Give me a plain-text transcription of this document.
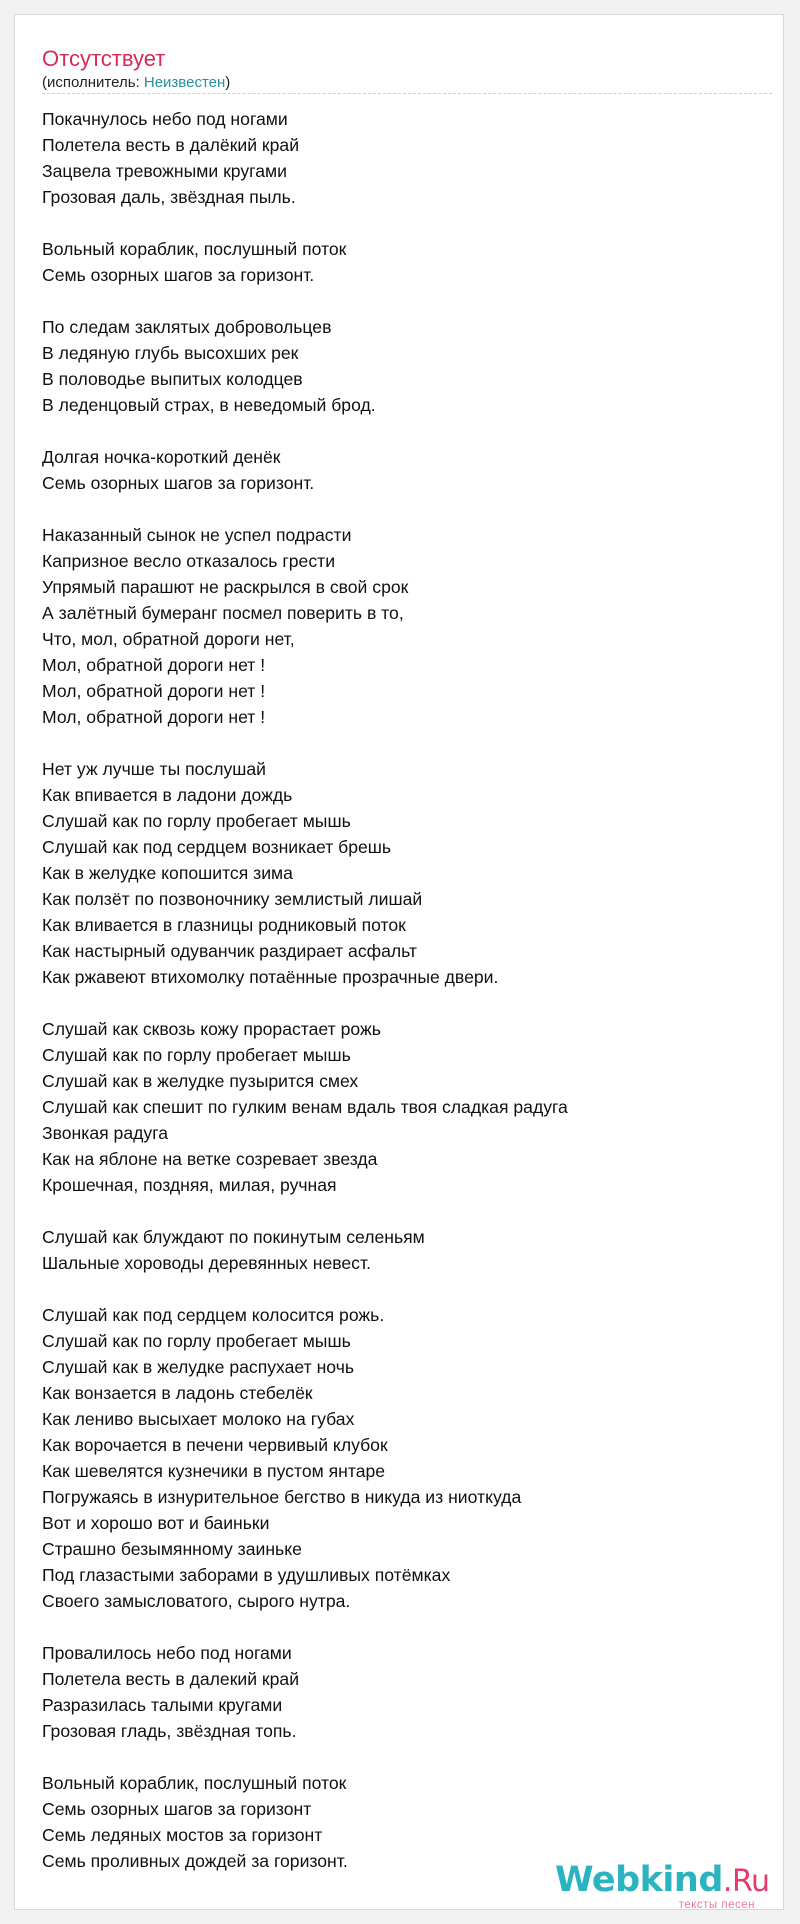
Отсутствует
(исполнитель: Неизвестен)
Покачнулось небо под ногами
Полетела весть в далёкий край
Зацвела тревожными кругами
Грозовая даль, звёздная пыль.
Вольный кораблик, послушный поток
Семь озорных шагов за горизонт.
По следам заклятых добровольцев
В ледяную глубь высохших рек
В половодье выпитых колодцев
В леденцовый страх, в неведомый брод.
Долгая ночка-короткий денёк
Семь озорных шагов за горизонт.
Наказанный сынок не успел подрасти
Капризное весло отказалось грести
Упрямый парашют не раскрылся в свой срок
А залётный бумеранг посмел поверить в то,
Что, мол, обратной дороги нет,
Мол, обратной дороги нет !
Мол, обратной дороги нет !
Мол, обратной дороги нет !
Нет уж лучше ты послушай
Как впивается в ладони дождь
Слушай как по горлу пробегает мышь
Слушай как под сердцем возникает брешь
Как в желудке копошится зима
Как ползёт по позвоночнику землистый лишай
Как вливается в глазницы родниковый поток
Как настырный одуванчик раздирает асфальт
Как ржавеют втихомолку потаённые прозрачные двери.
Слушай как сквозь кожу прорастает рожь
Слушай как по горлу пробегает мышь
Слушай как в желудке пузырится смех
Слушай как спешит по гулким венам вдаль твоя сладкая радуга
Звонкая радуга
Как на яблоне на ветке созревает звезда
Крошечная, поздняя, милая, ручная
Слушай как блуждают по покинутым селеньям
Шальные хороводы деревянных невест.
Слушай как под сердцем колосится рожь.
Слушай как по горлу пробегает мышь
Слушай как в желудке распухает ночь
Как вонзается в ладонь стебелёк
Как лениво высыхает молоко на губах
Как ворочается в печени червивый клубок
Как шевелятся кузнечики в пустом янтаре
Погружаясь в изнурительное бегство в никуда из ниоткуда
Вот и хорошо вот и баиньки
Страшно безымянному заиньке
Под глазастыми заборами в удушливых потёмках
Своего замысловатого, сырого нутра.
Провалилось небо под ногами
Полетела весть в далекий край
Разразилась талыми кругами
Грозовая гладь, звёздная топь.
Вольный кораблик, послушный поток
Семь озорных шагов за горизонт
Семь ледяных мостов за горизонт
Семь проливных дождей за горизонт.	Webkind.Ru
тексты песен
